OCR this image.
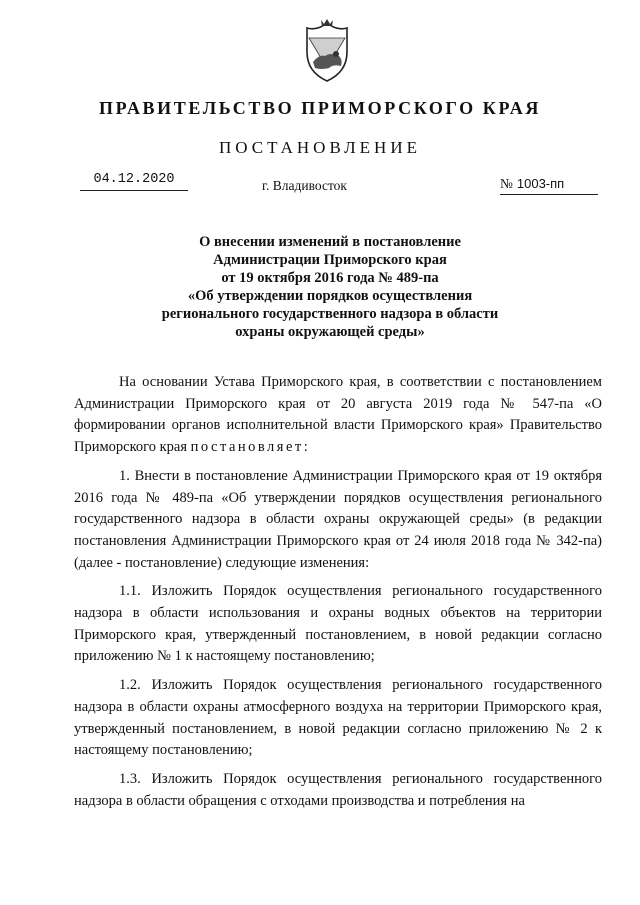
ПРАВИТЕЛЬСТВО ПРИМОРСКОГО КРАЯ
ПОСТАНОВЛЕНИЕ
04.12.2020	г. Владивосток	№ 1003-пп
О внесении изменений в постановление
Администрации Приморского края
от 19 октября 2016 года № 489-па
«Об утверждении порядков осуществления
регионального государственного надзора в области
охраны окружающей среды»

На основании Устава Приморского края, в соответствии с постановлением Администрации Приморского края от 20 августа 2019 года № 547-па «О формировании органов исполнительной власти Приморского края» Правительство Приморского края постановляет:

1. Внести в постановление Администрации Приморского края от 19 октября 2016 года № 489-па «Об утверждении порядков осуществления регионального государственного надзора в области охраны окружающей среды» (в редакции постановления Администрации Приморского края от 24 июля 2018 года № 342-па) (далее - постановление) следующие изменения:

1.1. Изложить Порядок осуществления регионального государственного надзора в области использования и охраны водных объектов на территории Приморского края, утвержденный постановлением, в новой редакции согласно приложению № 1 к настоящему постановлению;

1.2. Изложить Порядок осуществления регионального государственного надзора в области охраны атмосферного воздуха на территории Приморского края, утвержденный постановлением, в новой редакции согласно приложению № 2 к настоящему постановлению;

1.3. Изложить Порядок осуществления регионального государственного надзора в области обращения с отходами производства и потребления на
